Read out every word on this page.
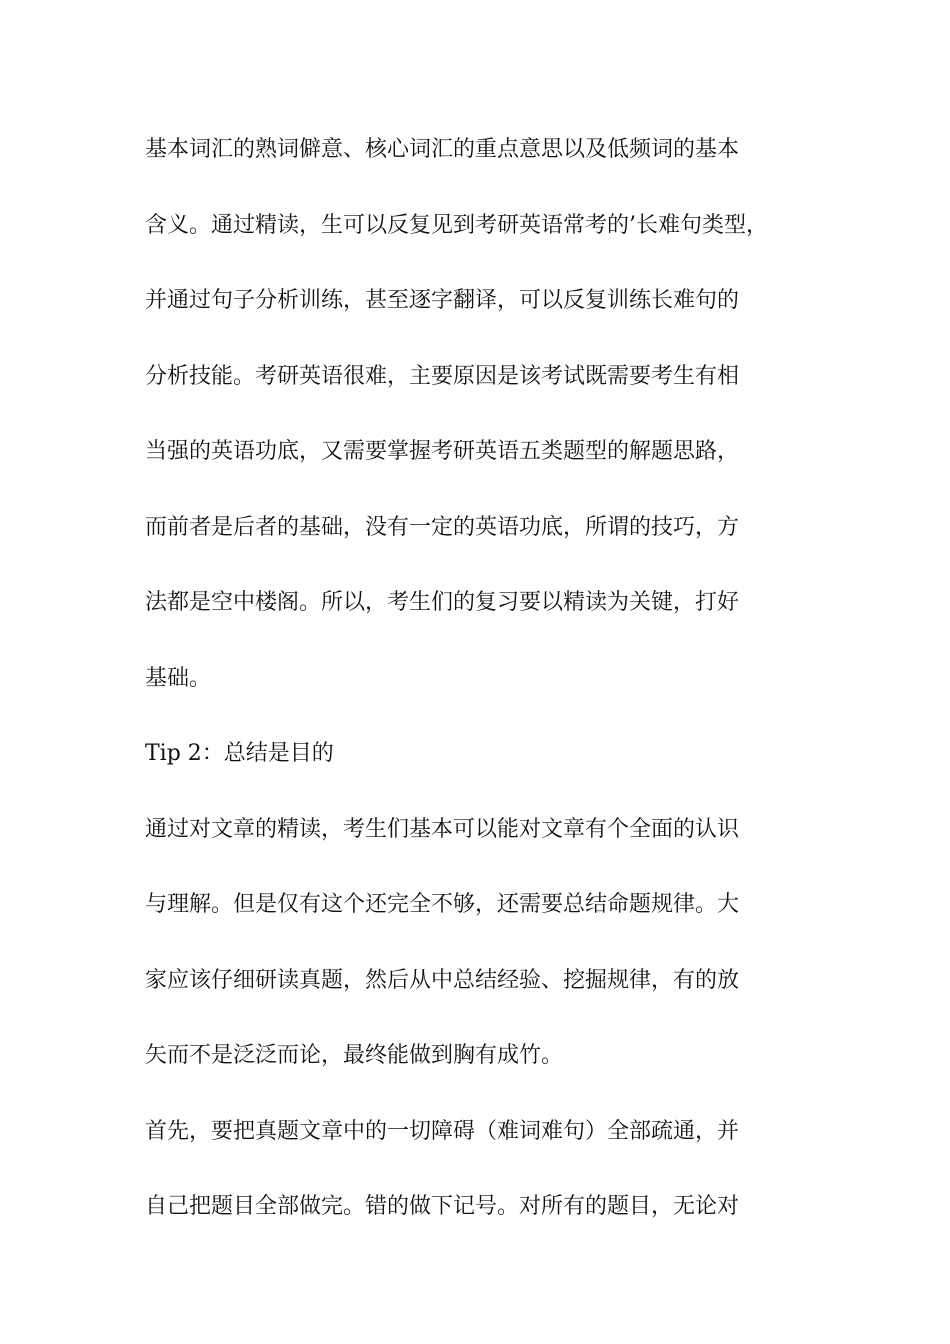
基本词汇的熟词僻意、核心词汇的重点意思以及低频词的基本
含义。通过精读，生可以反复见到考研英语常考的’长难句类型，
并通过句子分析训练，甚至逐字翻译，可以反复训练长难句的
分析技能。考研英语很难，主要原因是该考试既需要考生有相
当强的英语功底，又需要掌握考研英语五类题型的解题思路，
而前者是后者的基础，没有一定的英语功底，所谓的技巧，方
法都是空中楼阁。所以，考生们的复习要以精读为关键，打好
基础。
Tip 2：总结是目的
通过对文章的精读，考生们基本可以能对文章有个全面的认识
与理解。但是仅有这个还完全不够，还需要总结命题规律。大
家应该仔细研读真题，然后从中总结经验、挖掘规律，有的放
矢而不是泛泛而论，最终能做到胸有成竹。
首先，要把真题文章中的一切障碍（难词难句）全部疏通，并
自己把题目全部做完。错的做下记号。对所有的题目，无论对
